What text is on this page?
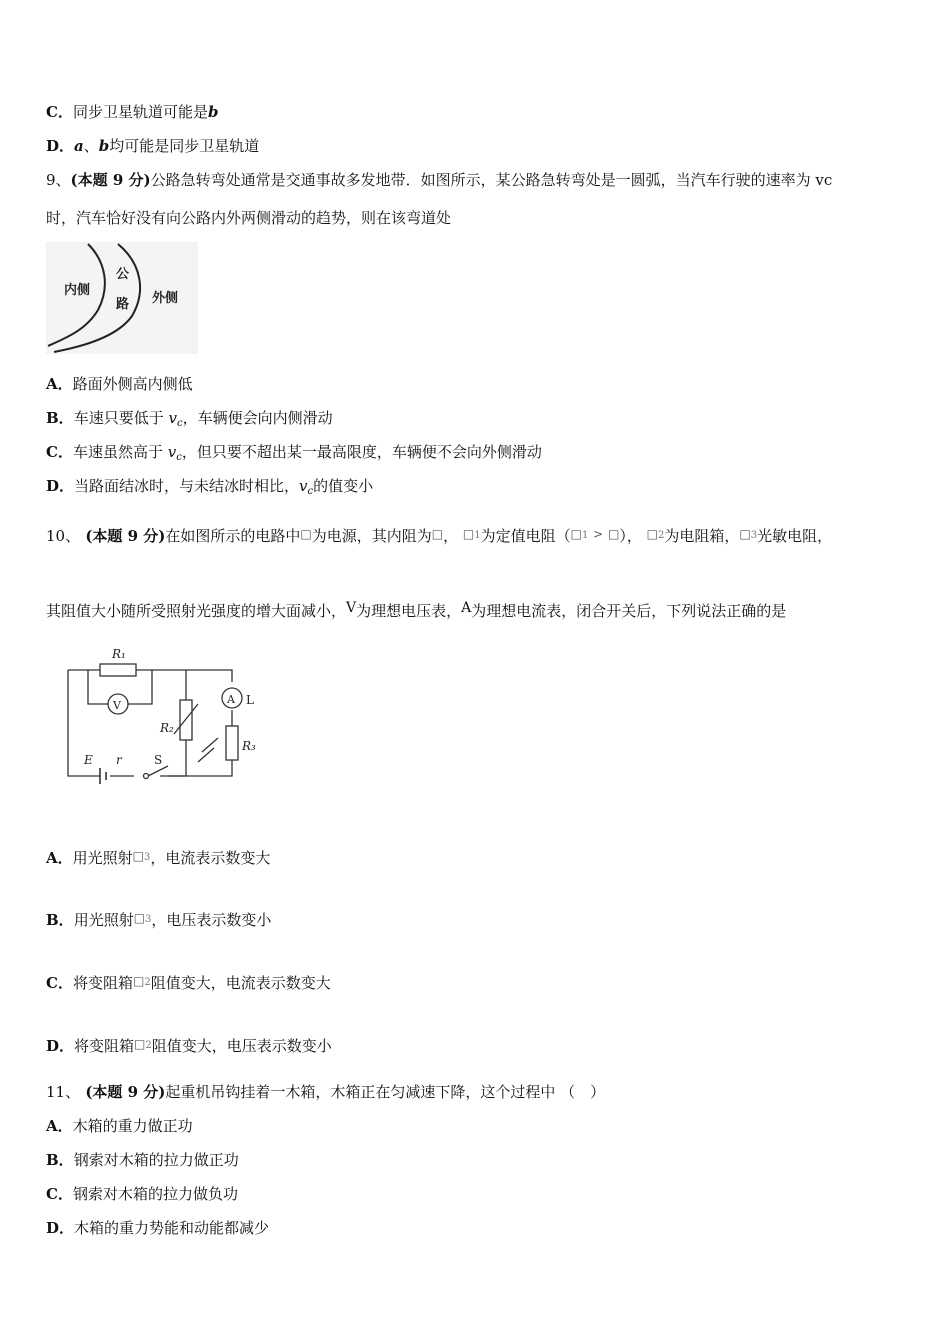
C．同步卫星轨道可能是b
D．a、b均可能是同步卫星轨道
9、(本题 9 分)公路急转弯处通常是交通事故多发地带．如图所示，某公路急转弯处是一圆弧，当汽车行驶的速率为 vc
时，汽车恰好没有向公路内外两侧滑动的趋势，则在该弯道处
内侧
公
路 外侧
A．路面外侧高内侧低
B．车速只要低于 $v_c$，车辆便会向内侧滑动
C．车速虽然高于 $v_c$，但只要不超出某一最高限度，车辆便不会向外侧滑动
D．当路面结冰时，与未结冰时相比，$v_c$的值变小
10、 (本题 9 分)在如图所示的电路中□为电源，其内阻为□， □1为定值电阻（□1 > □）， □2为电阻箱，□3光敏电阻，
其阻值大小随所受照射光强度的增大面减小，V为理想电压表，A为理想电流表，闭合开关后，下列说法正确的是
R₁
V	A L
R₂
R₃
E r	S
A．用光照射□3，电流表示数变大
B．用光照射□3，电压表示数变小
C．将变阻箱□2阻值变大，电流表示数变大
D．将变阻箱□2阻值变大，电压表示数变小
11、 (本题 9 分)起重机吊钩挂着一木箱，木箱正在匀减速下降，这个过程中 （　）
A．木箱的重力做正功
B．钢索对木箱的拉力做正功
C．钢索对木箱的拉力做负功
D．木箱的重力势能和动能都减少
